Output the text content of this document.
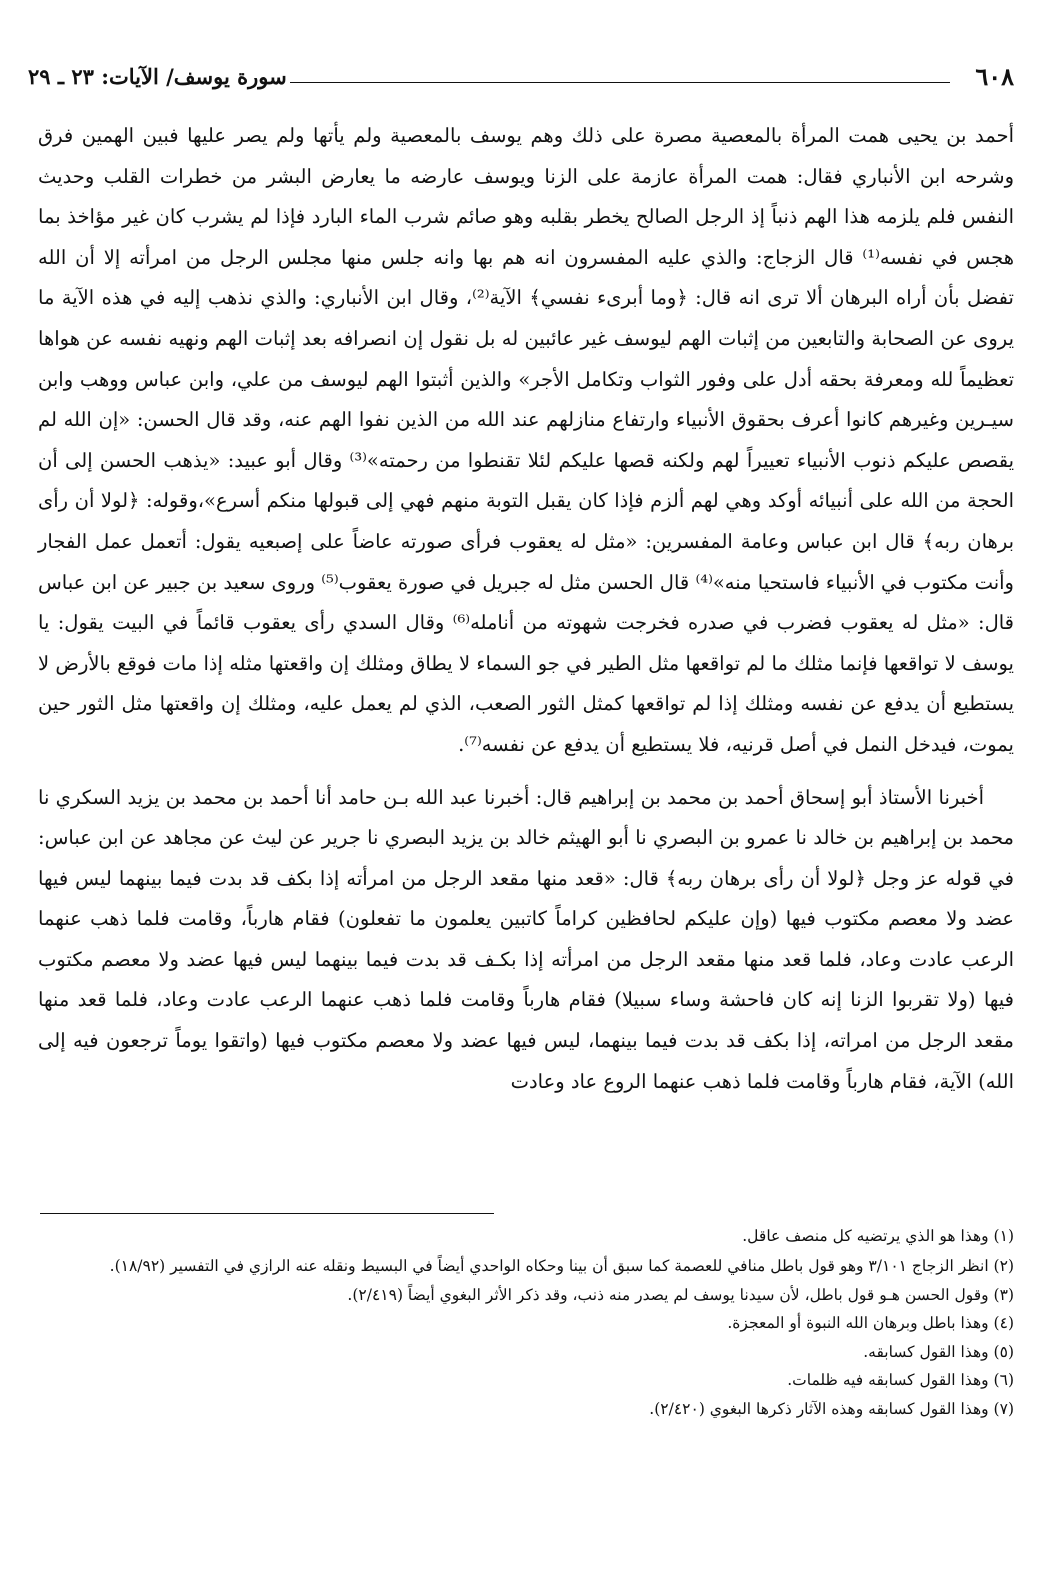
٦٠٨
سورة يوسف/ الآيات: ٢٣ ـ ٢٩

أحمد بن يحيى همت المرأة بالمعصية مصرة على ذلك وهم يوسف بالمعصية ولم يأتها ولم يصر عليها فبين الهمين فرق وشرحه ابن الأنباري فقال: همت المرأة عازمة على الزنا ويوسف عارضه ما يعارض البشر من خطرات القلب وحديث النفس فلم يلزمه هذا الهم ذنباً إذ الرجل الصالح يخطر بقلبه وهو صائم شرب الماء البارد فإذا لم يشرب كان غير مؤاخذ بما هجس في نفسه⁽¹⁾ قال الزجاج: والذي عليه المفسرون انه هم بها وانه جلس منها مجلس الرجل من امرأته إلا أن الله تفضل بأن أراه البرهان ألا ترى انه قال: ﴿وما أبرىء نفسي﴾ الآية⁽²⁾، وقال ابن الأنباري: والذي نذهب إليه في هذه الآية ما يروى عن الصحابة والتابعين من إثبات الهم ليوسف غير عائبين له بل نقول إن انصرافه بعد إثبات الهم ونهيه نفسه عن هواها تعظيماً لله ومعرفة بحقه أدل على وفور الثواب وتكامل الأجر» والذين أثبتوا الهم ليوسف من علي، وابن عباس ووهب وابن سيـرين وغيرهم كانوا أعرف بحقوق الأنبياء وارتفاع منازلهم عند الله من الذين نفوا الهم عنه، وقد قال الحسن: «إن الله لم يقصص عليكم ذنوب الأنبياء تعييراً لهم ولكنه قصها عليكم لئلا تقنطوا من رحمته»⁽³⁾ وقال أبو عبيد: «يذهب الحسن إلى أن الحجة من الله على أنبيائه أوكد وهي لهم ألزم فإذا كان يقبل التوبة منهم فهي إلى قبولها منكم أسرع»،وقوله: ﴿لولا أن رأى برهان ربه﴾ قال ابن عباس وعامة المفسرين: «مثل له يعقوب فرأى صورته عاضاً على إصبعيه يقول: أتعمل عمل الفجار وأنت مكتوب في الأنبياء فاستحيا منه»⁽⁴⁾ قال الحسن مثل له جبريل في صورة يعقوب⁽⁵⁾ وروى سعيد بن جبير عن ابن عباس قال: «مثل له يعقوب فضرب في صدره فخرجت شهوته من أنامله⁽⁶⁾ وقال السدي رأى يعقوب قائماً في البيت يقول: يا يوسف لا تواقعها فإنما مثلك ما لم تواقعها مثل الطير في جو السماء لا يطاق ومثلك إن واقعتها مثله إذا مات فوقع بالأرض لا يستطيع أن يدفع عن نفسه ومثلك إذا لم تواقعها كمثل الثور الصعب، الذي لم يعمل عليه، ومثلك إن واقعتها مثل الثور حين يموت، فيدخل النمل في أصل قرنيه، فلا يستطيع أن يدفع عن نفسه⁽⁷⁾.

أخبرنا الأستاذ أبو إسحاق أحمد بن محمد بن إبراهيم قال: أخبرنا عبد الله بـن حامد أنا أحمد بن محمد بن يزيد السكري نا محمد بن إبراهيم بن خالد نا عمرو بن البصري نا أبو الهيثم خالد بن يزيد البصري نا جرير عن ليث عن مجاهد عن ابن عباس: في قوله عز وجل ﴿لولا أن رأى برهان ربه﴾ قال: «قعد منها مقعد الرجل من امرأته إذا بكف قد بدت فيما بينهما ليس فيها عضد ولا معصم مكتوب فيها (وإن عليكم لحافظين كراماً كاتبين يعلمون ما تفعلون) فقام هارباً، وقامت فلما ذهب عنهما الرعب عادت وعاد، فلما قعد منها مقعد الرجل من امرأته إذا بكـف قد بدت فيما بينهما ليس فيها عضد ولا معصم مكتوب فيها (ولا تقربوا الزنا إنه كان فاحشة وساء سبيلا) فقام هارباً وقامت فلما ذهب عنهما الرعب عادت وعاد، فلما قعد منها مقعد الرجل من امراته، إذا بكف قد بدت فيما بينهما، ليس فيها عضد ولا معصم مكتوب فيها (واتقوا يوماً ترجعون فيه إلى الله) الآية، فقام هارباً وقامت فلما ذهب عنهما الروع عاد وعادت

(١) وهذا هو الذي يرتضيه كل منصف عاقل.

(٢) انظر الزجاج ٣/١٠١ وهو قول باطل منافي للعصمة كما سبق أن بينا وحكاه الواحدي أيضاً في البسيط ونقله عنه الرازي في التفسير (١٨/٩٢).

(٣) وقول الحسن هـو قول باطل، لأن سيدنا يوسف لم يصدر منه ذنب، وقد ذكر الأثر البغوي أيضاً (٢/٤١٩).

(٤) وهذا باطل وبرهان الله النبوة أو المعجزة.

(٥) وهذا القول كسابقه.

(٦) وهذا القول كسابقه فيه ظلمات.

(٧) وهذا القول كسابقه وهذه الآثار ذكرها البغوي (٢/٤٢٠).
